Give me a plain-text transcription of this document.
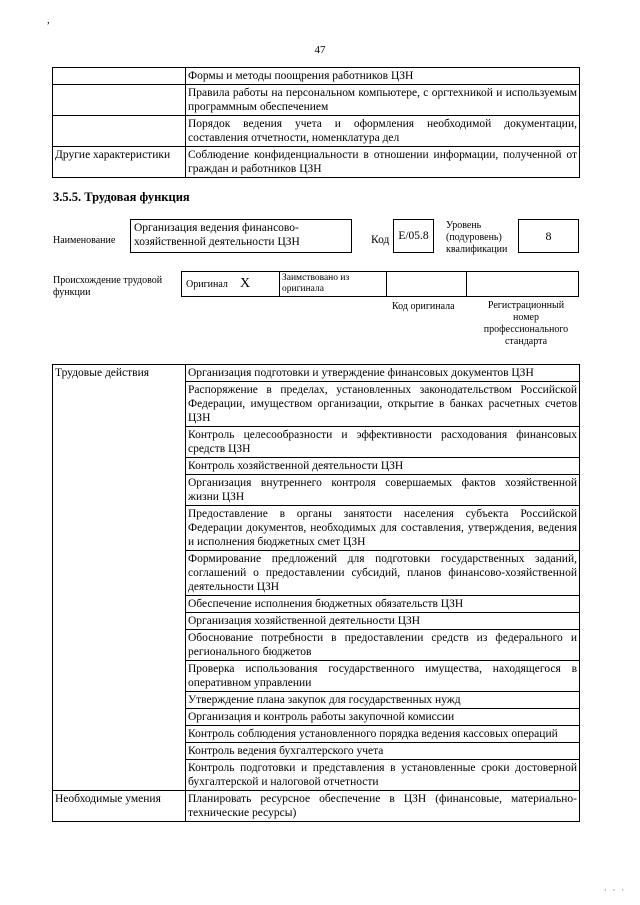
,
47
	Формы и методы поощрения работников ЦЗН
	Правила работы на персональном компьютере, с оргтехникой и используемым программным обеспечением
	Порядок ведения учета и оформления необходимой документации, составления отчетности, номенклатура дел
Другие характеристики	Соблюдение конфиденциальности в отношении информации, полученной от граждан и работников ЦЗН
3.5.5. Трудовая функция
Наименование
Организация ведения финансово-хозяйственной деятельности ЦЗН	Код Е/05.8
Уровень (подуровень) квалификации
8
Происхождение трудовой функции
Оригинал X	Заимствовано из оригинала
Код оригинала	Регистрационный номер профессионального стандарта
Трудовые действия	Организация подготовки и утверждение финансовых документов ЦЗН
	Распоряжение в пределах, установленных законодательством Российской Федерации, имуществом организации, открытие в банках расчетных счетов ЦЗН
	Контроль целесообразности и эффективности расходования финансовых средств ЦЗН
	Контроль хозяйственной деятельности ЦЗН
	Организация внутреннего контроля совершаемых фактов хозяйственной жизни ЦЗН
	Предоставление в органы занятости населения субъекта Российской Федерации документов, необходимых для составления, утверждения, ведения и исполнения бюджетных смет ЦЗН
	Формирование предложений для подготовки государственных заданий, соглашений о предоставлении субсидий, планов финансово-хозяйственной деятельности ЦЗН
	Обеспечение исполнения бюджетных обязательств ЦЗН
	Организация хозяйственной деятельности ЦЗН
	Обоснование потребности в предоставлении средств из федерального и регионального бюджетов
	Проверка использования государственного имущества, находящегося в оперативном управлении
	Утверждение плана закупок для государственных нужд
	Организация и контроль работы закупочной комиссии
	Контроль соблюдения установленного порядка ведения кассовых операций
	Контроль ведения бухгалтерского учета
	Контроль подготовки и представления в установленные сроки достоверной бухгалтерской и налоговой отчетности
Необходимые умения	Планировать ресурсное обеспечение в ЦЗН (финансовые, материально-технические ресурсы)
· · ·
